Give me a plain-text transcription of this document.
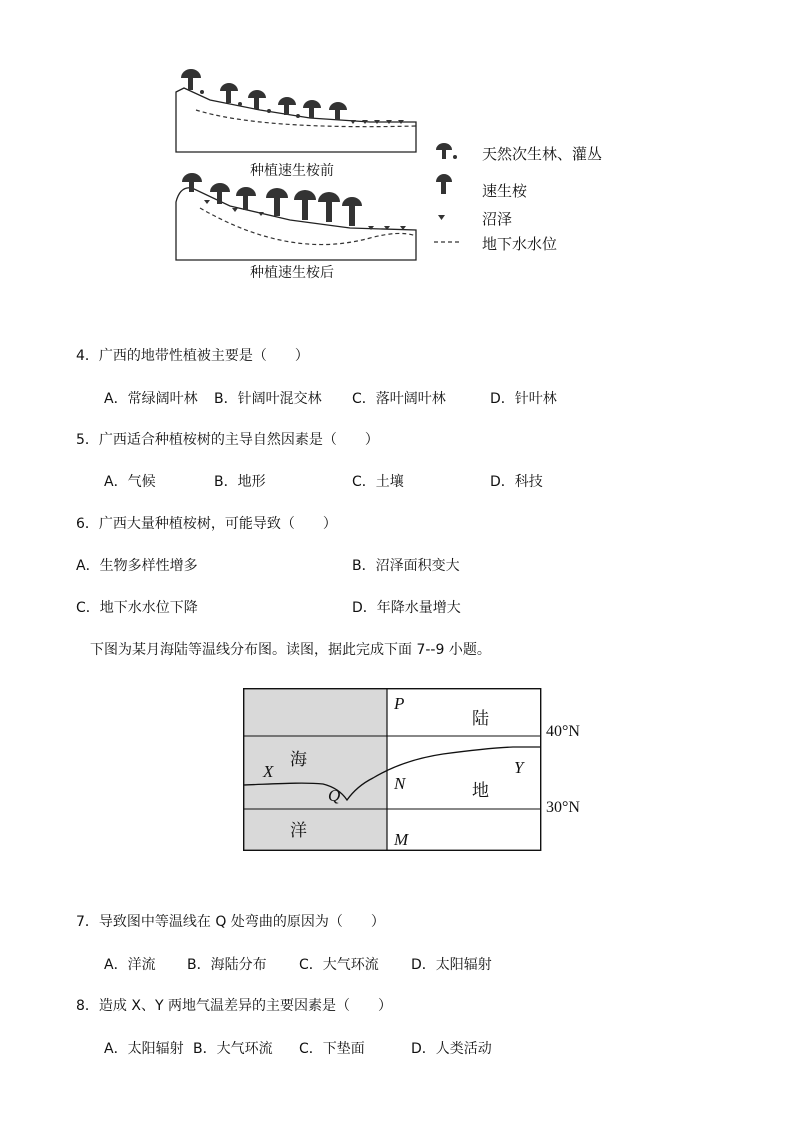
种植速生桉前
种植速生桉后
天然次生林、灌丛
速生桉
沼泽
地下水水位
4．广西的地带性植被主要是（　　）
A．常绿阔叶林 B．针阔叶混交林 C．落叶阔叶林	D．针叶林
5．广西适合种植桉树的主导自然因素是（　　）
A．气候	B．地形	C．土壤	D．科技
6．广西大量种植桉树，可能导致（　　）
A．生物多样性增多	B．沼泽面积变大
C．地下水水位下降	D．年降水量增大
下图为某月海陆等温线分布图。读图，据此完成下面 7--9 小题。
P
陆
海
X
Q
N	地
Y
洋	M
40°N
30°N
7．导致图中等温线在 Q 处弯曲的原因为（　　）
A．洋流 B．海陆分布 C．大气环流 D．太阳辐射
8．造成 X、Y 两地气温差异的主要因素是（　　）
A．太阳辐射 B．大气环流 C．下垫面	D．人类活动
